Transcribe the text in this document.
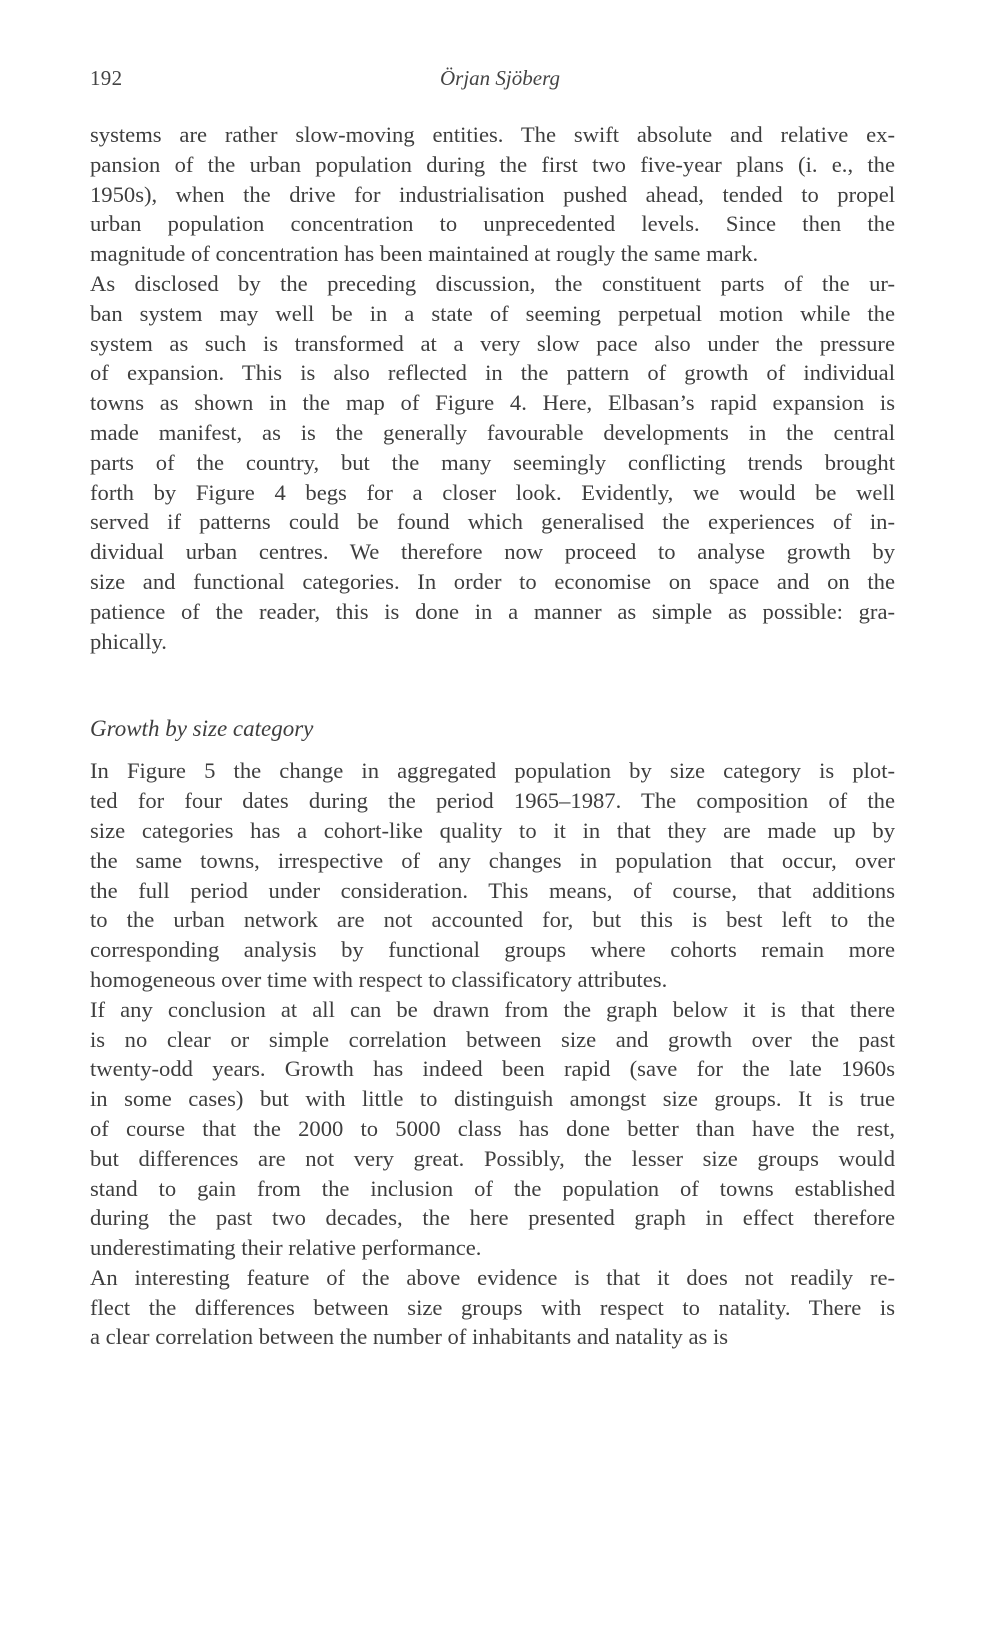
192	Örjan Sjöberg

systems are rather slow-moving entities. The swift absolute and relative ex-
pansion of the urban population during the first two five-year plans (i. e., the
1950s), when the drive for industrialisation pushed ahead, tended to propel
urban population concentration to unprecedented levels. Since then the
magnitude of concentration has been maintained at rougly the same mark.

As disclosed by the preceding discussion, the constituent parts of the ur-
ban system may well be in a state of seeming perpetual motion while the
system as such is transformed at a very slow pace also under the pressure
of expansion. This is also reflected in the pattern of growth of individual
towns as shown in the map of Figure 4. Here, Elbasan’s rapid expansion is
made manifest, as is the generally favourable developments in the central
parts of the country, but the many seemingly conflicting trends brought
forth by Figure 4 begs for a closer look. Evidently, we would be well
served if patterns could be found which generalised the experiences of in-
dividual urban centres. We therefore now proceed to analyse growth by
size and functional categories. In order to economise on space and on the
patience of the reader, this is done in a manner as simple as possible: gra-
phically.

Growth by size category

In Figure 5 the change in aggregated population by size category is plot-
ted for four dates during the period 1965–1987. The composition of the
size categories has a cohort-like quality to it in that they are made up by
the same towns, irrespective of any changes in population that occur, over
the full period under consideration. This means, of course, that additions
to the urban network are not accounted for, but this is best left to the
corresponding analysis by functional groups where cohorts remain more
homogeneous over time with respect to classificatory attributes.

If any conclusion at all can be drawn from the graph below it is that there
is no clear or simple correlation between size and growth over the past
twenty-odd years. Growth has indeed been rapid (save for the late 1960s
in some cases) but with little to distinguish amongst size groups. It is true
of course that the 2000 to 5000 class has done better than have the rest,
but differences are not very great. Possibly, the lesser size groups would
stand to gain from the inclusion of the population of towns established
during the past two decades, the here presented graph in effect therefore
underestimating their relative performance.

An interesting feature of the above evidence is that it does not readily re-
flect the differences between size groups with respect to natality. There is
a clear correlation between the number of inhabitants and natality as is
